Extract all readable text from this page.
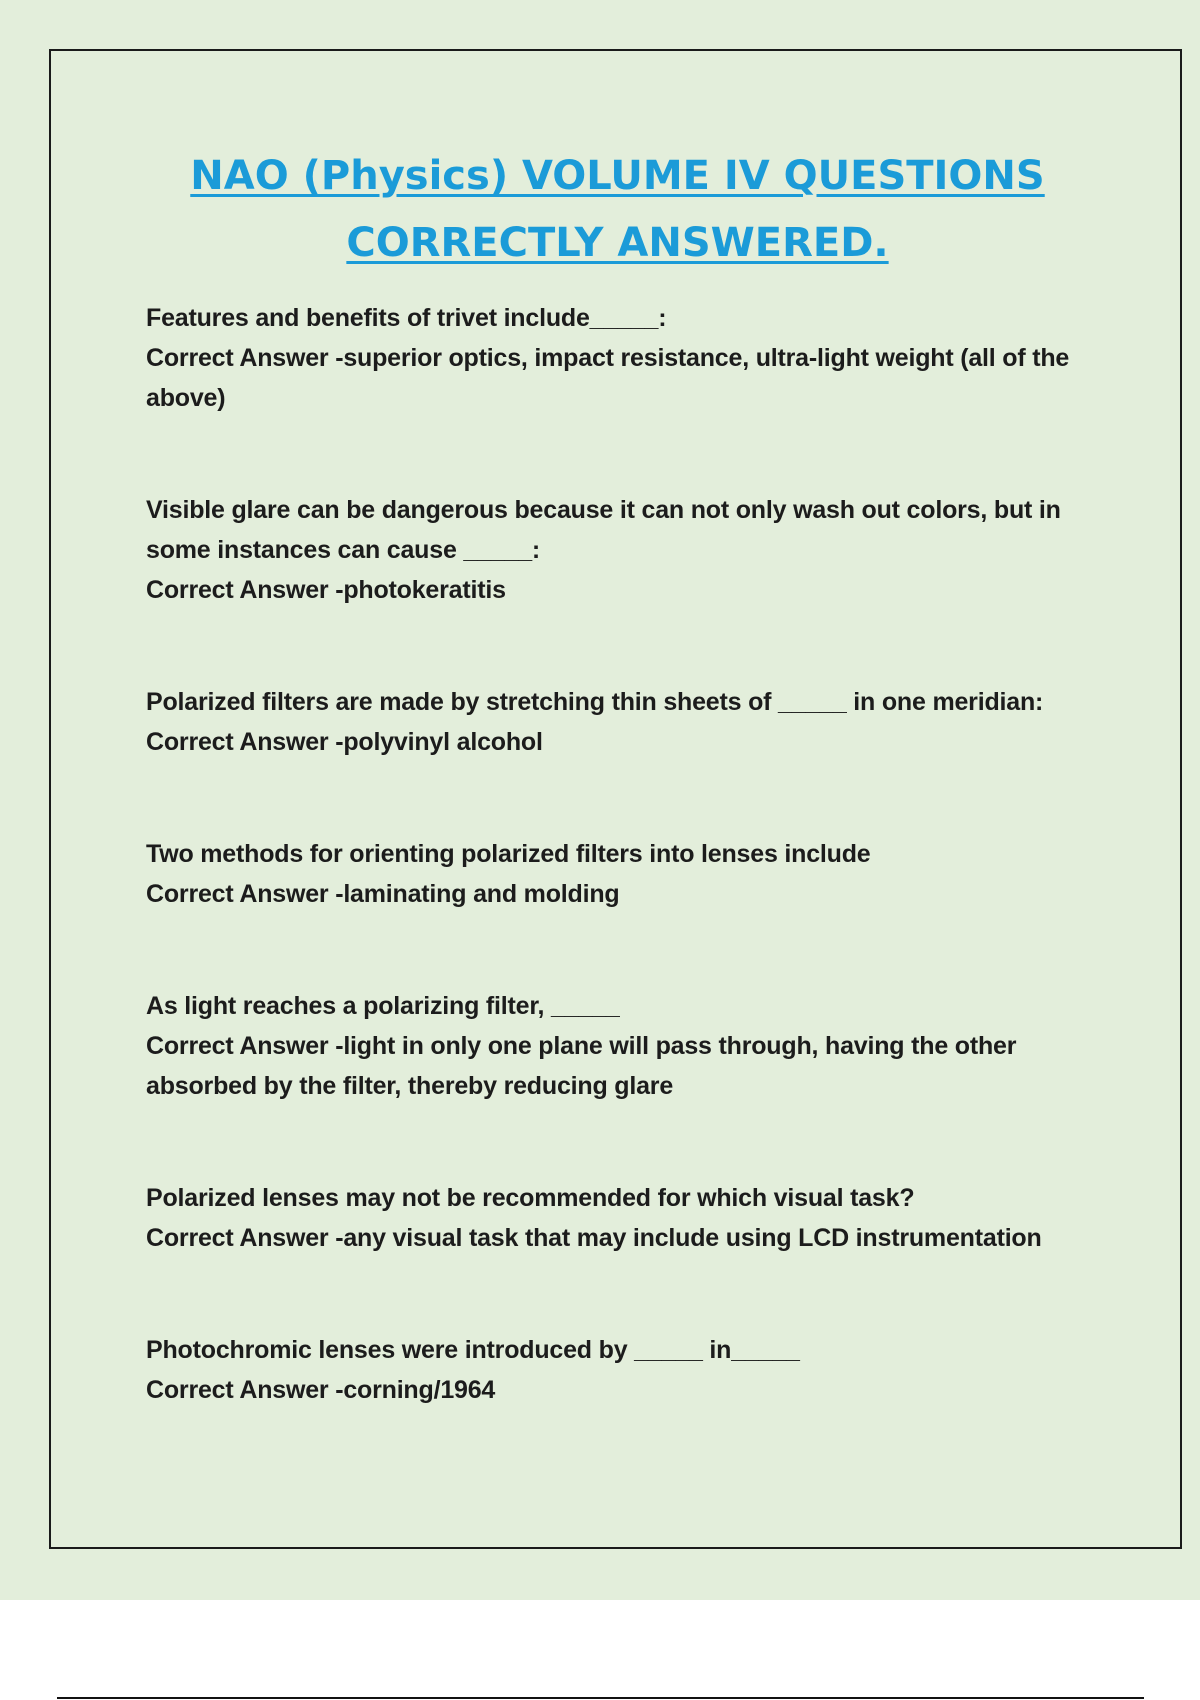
NAO (Physics) VOLUME IV QUESTIONS
CORRECTLY ANSWERED.

Features and benefits of trivet include_____:

Correct Answer -superior optics, impact resistance, ultra-light weight (all of the above)

Visible glare can be dangerous because it can not only wash out colors, but in some instances can cause _____:

Correct Answer -photokeratitis

Polarized filters are made by stretching thin sheets of _____ in one meridian:

Correct Answer -polyvinyl alcohol

Two methods for orienting polarized filters into lenses include

Correct Answer -laminating and molding

As light reaches a polarizing filter, _____

Correct Answer -light in only one plane will pass through, having the other absorbed by the filter, thereby reducing glare

Polarized lenses may not be recommended for which visual task?

Correct Answer -any visual task that may include using LCD instrumentation

Photochromic lenses were introduced by _____ in_____

Correct Answer -corning/1964
